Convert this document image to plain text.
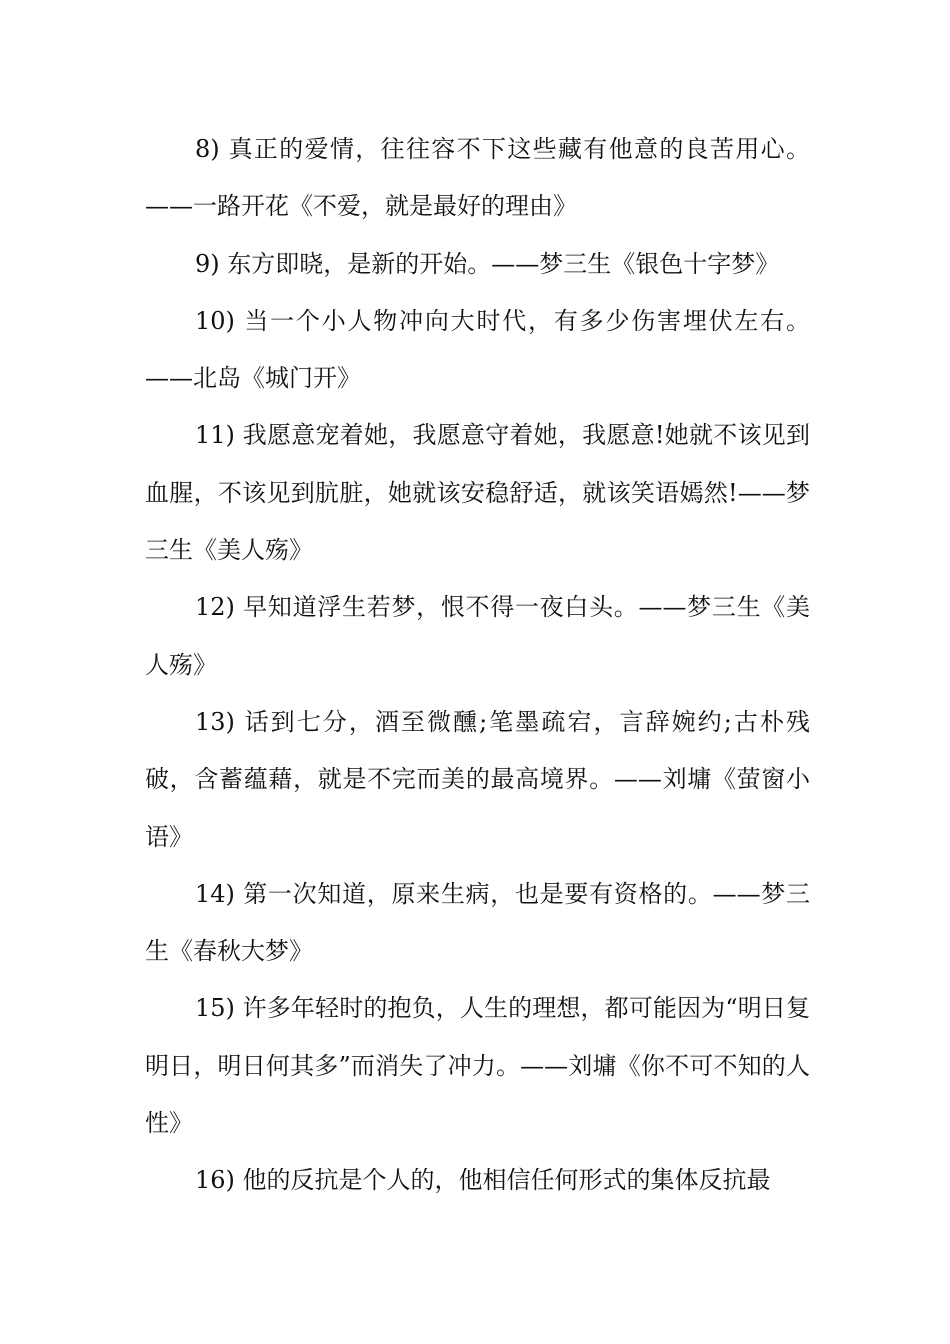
8) 真正的爱情，往往容不下这些藏有他意的良苦用心。——一路开花《不爱，就是最好的理由》

9) 东方即晓，是新的开始。——梦三生《银色十字梦》

10) 当一个小人物冲向大时代，有多少伤害埋伏左右。——北岛《城门开》

11) 我愿意宠着她，我愿意守着她，我愿意!她就不该见到血腥，不该见到肮脏，她就该安稳舒适，就该笑语嫣然!——梦三生《美人殇》

12) 早知道浮生若梦，恨不得一夜白头。——梦三生《美人殇》

13) 话到七分，酒至微醺;笔墨疏宕，言辞婉约;古朴残破，含蓄蕴藉，就是不完而美的最高境界。——刘墉《萤窗小语》

14) 第一次知道，原来生病，也是要有资格的。——梦三生《春秋大梦》

15) 许多年轻时的抱负，人生的理想，都可能因为“明日复明日，明日何其多”而消失了冲力。——刘墉《你不可不知的人性》

16) 他的反抗是个人的，他相信任何形式的集体反抗最
